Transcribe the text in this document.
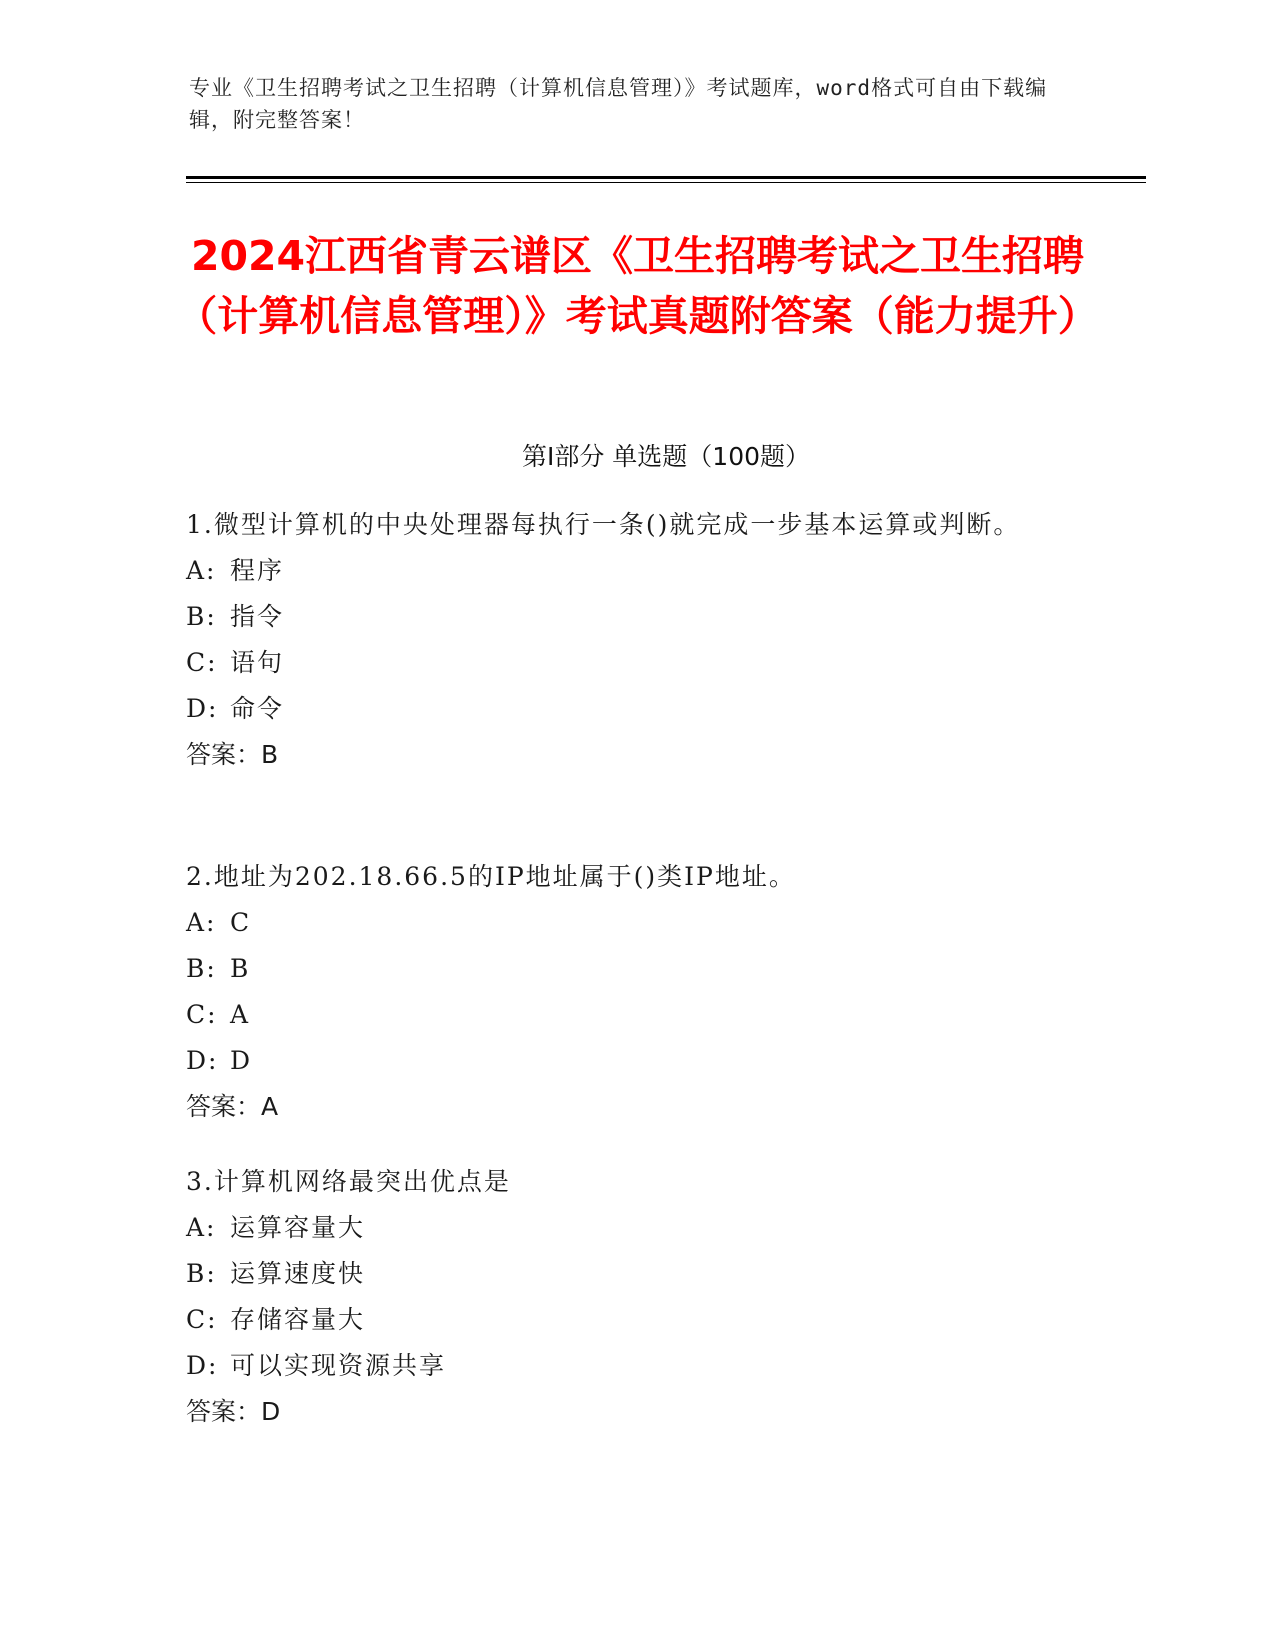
专业《卫生招聘考试之卫生招聘（计算机信息管理）》考试题库，word格式可自由下载编辑，附完整答案！
2024江西省青云谱区《卫生招聘考试之卫生招聘（计算机信息管理）》考试真题附答案（能力提升）
第Ⅰ部分 单选题（100题）

1.微型计算机的中央处理器每执行一条()就完成一步基本运算或判断。

A: 程序

B: 指令

C: 语句

D: 命令

答案：B

2.地址为202.18.66.5的IP地址属于()类IP地址。

A: C

B: B

C: A

D: D

答案：A

3.计算机网络最突出优点是

A: 运算容量大

B: 运算速度快

C: 存储容量大

D: 可以实现资源共享

答案：D
